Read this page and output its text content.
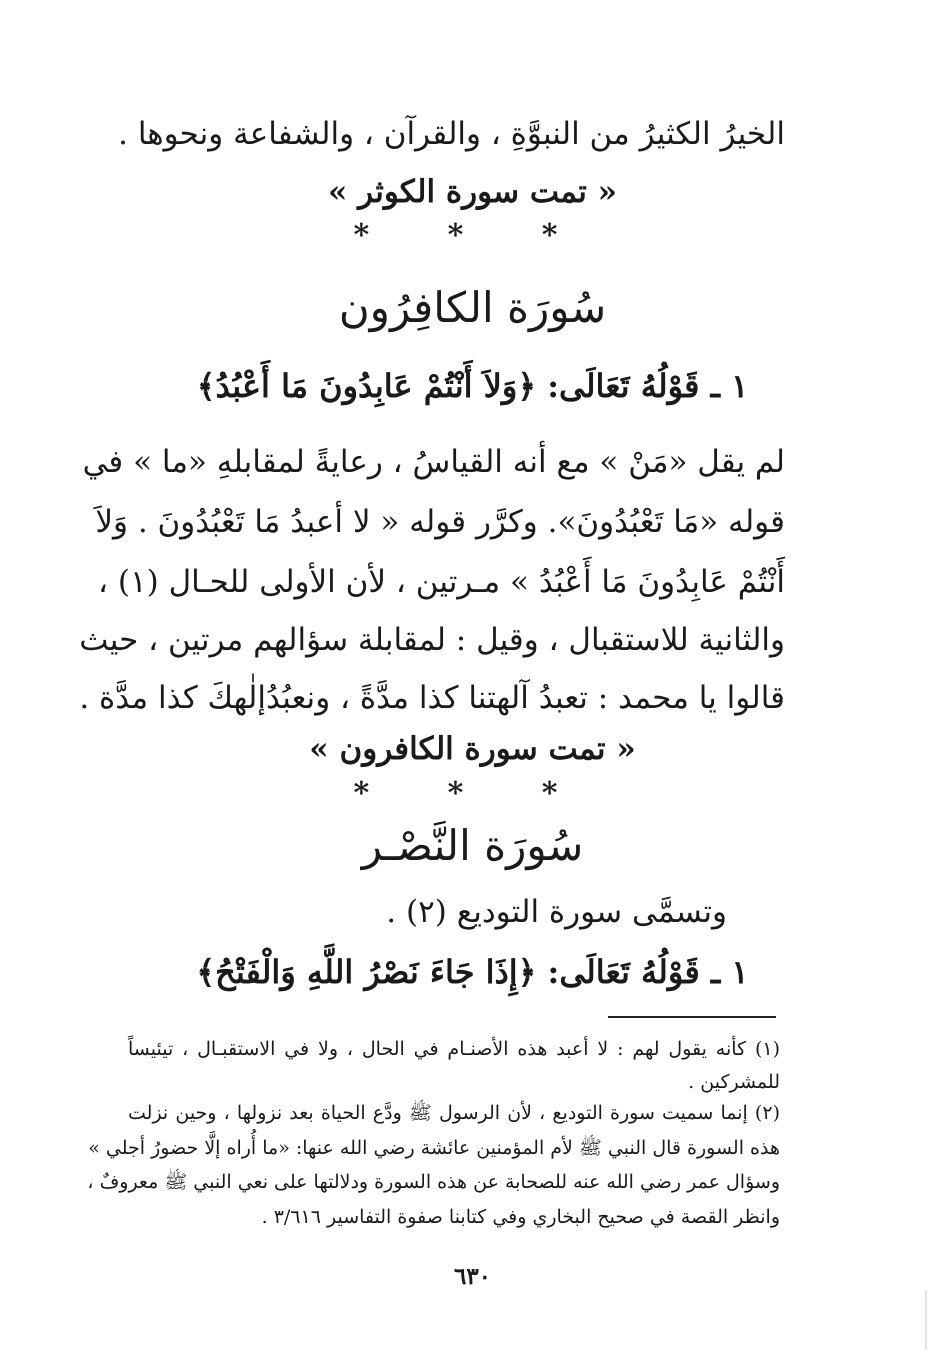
الخيرُ الكثيرُ من النبوَّةِ ، والقرآن ، والشفاعة ونحوها .
« تمت سورة الكوثر »
* * *
سُورَة الكافِرُون
١ ـ قَوْلُهُ تَعَالَى: ﴿وَلاَ أَنْتُمْ عَابِدُونَ مَا أَعْبُدُ﴾
لم يقل «مَنْ » مع أنه القياسُ ، رعايةً لمقابلهِ «ما » في
قوله «مَا تَعْبُدُونَ». وكرَّر قوله « لا أعبدُ مَا تَعْبُدُونَ . وَلاَ
أَنْتُمْ عَابِدُونَ مَا أَعْبُدُ » مـرتين ، لأن الأولى للحـال (١) ،
والثانية للاستقبال ، وقيل : لمقابلة سؤالهم مرتين ، حيث
قالوا يا محمد : تعبدُ آلهتنا كذا مدَّةً ، ونعبُدُإلٰهكَ كذا مدَّة .
« تمت سورة الكافرون »
* * *
سُورَة النَّصْـر
وتسمَّى سورة التوديع (٢) .
١ ـ قَوْلُهُ تَعَالَى: ﴿إِذَا جَاءَ نَصْرُ اللَّهِ وَالْفَتْحُ﴾
(١) كأنه يقول لهم : لا أعبد هذه الأصنـام في الحال ، ولا في الاستقبـال ، تيئيساً
للمشركين .
(٢) إنما سميت سورة التوديع ، لأن الرسول ﷺ ودَّع الحياة بعد نزولها ، وحين نزلت
هذه السورة قال النبي ﷺ لأم المؤمنين عائشة رضي الله عنها: «ما أُراه إلَّا حضورُ أجلي »
وسؤال عمر رضي الله عنه للصحابة عن هذه السورة ودلالتها على نعي النبي ﷺ معروفٌ ،
وانظر القصة في صحيح البخاري وفي كتابنا صفوة التفاسير ٣/٦١٦ .
٦٣٠
